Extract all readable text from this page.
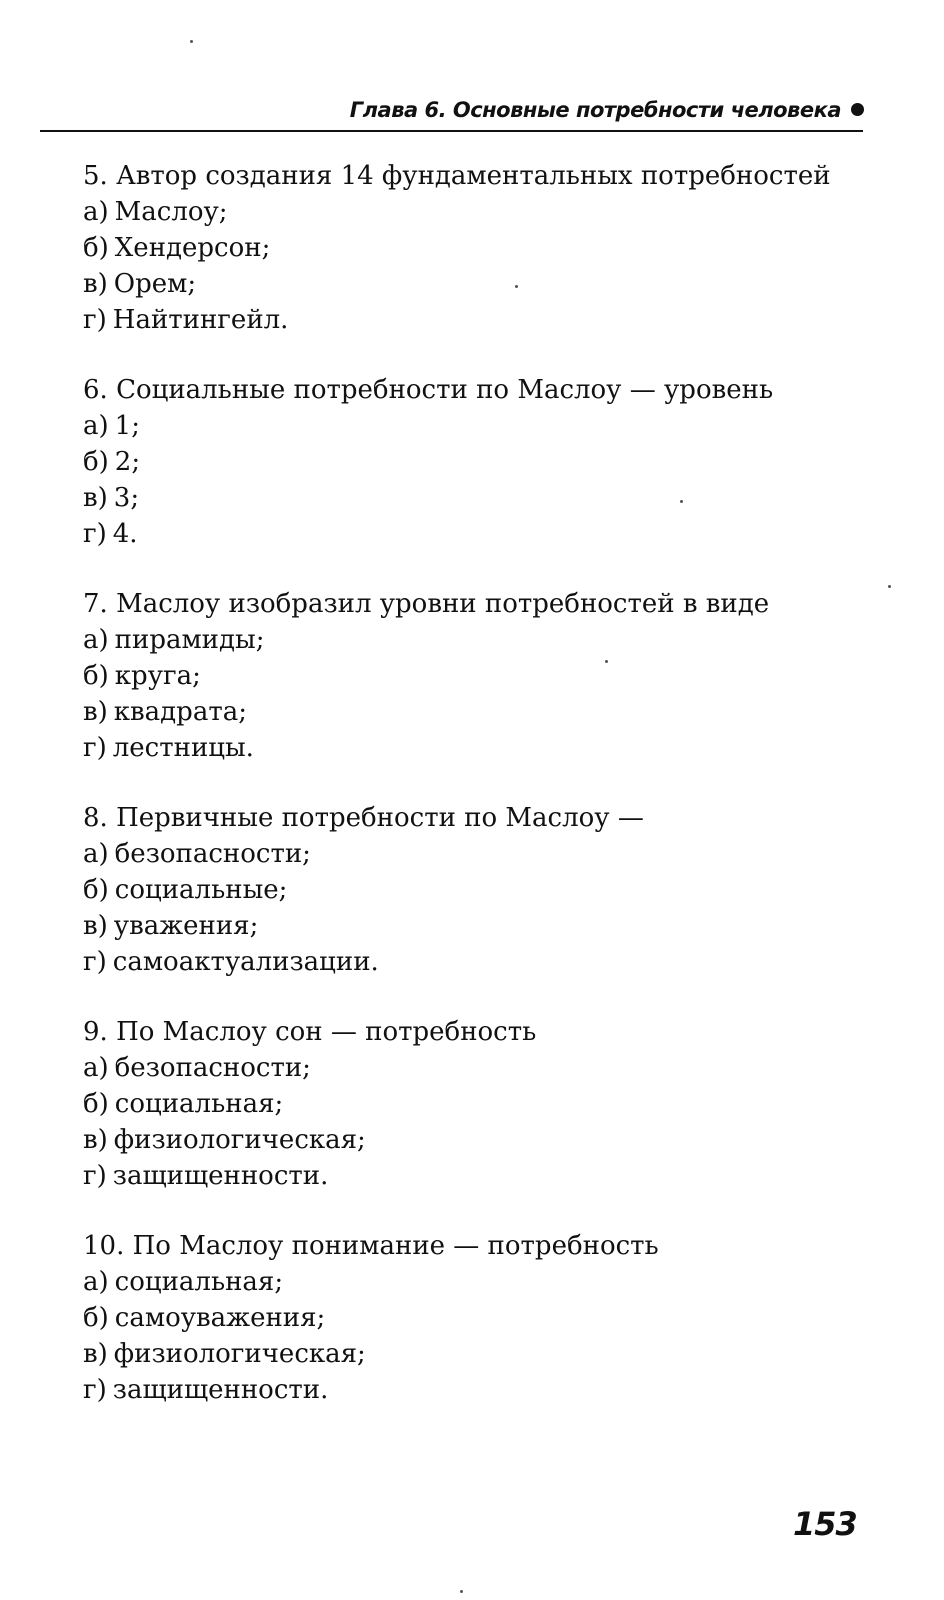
Глава 6. Основные потребности человека
5. Автор создания 14 фундаментальных потребностей
а) Маслоу;
б) Хендерсон;
в) Орем;
г) Найтингейл.
6. Социальные потребности по Маслоу — уровень
а) 1;
б) 2;
в) 3;
г) 4.
7. Маслоу изобразил уровни потребностей в виде
а) пирамиды;
б) круга;
в) квадрата;
г) лестницы.
8. Первичные потребности по Маслоу —
а) безопасности;
б) социальные;
в) уважения;
г) самоактуализации.
9. По Маслоу сон — потребность
а) безопасности;
б) социальная;
в) физиологическая;
г) защищенности.
10. По Маслоу понимание — потребность
а) социальная;
б) самоуважения;
в) физиологическая;
г) защищенности.
153
